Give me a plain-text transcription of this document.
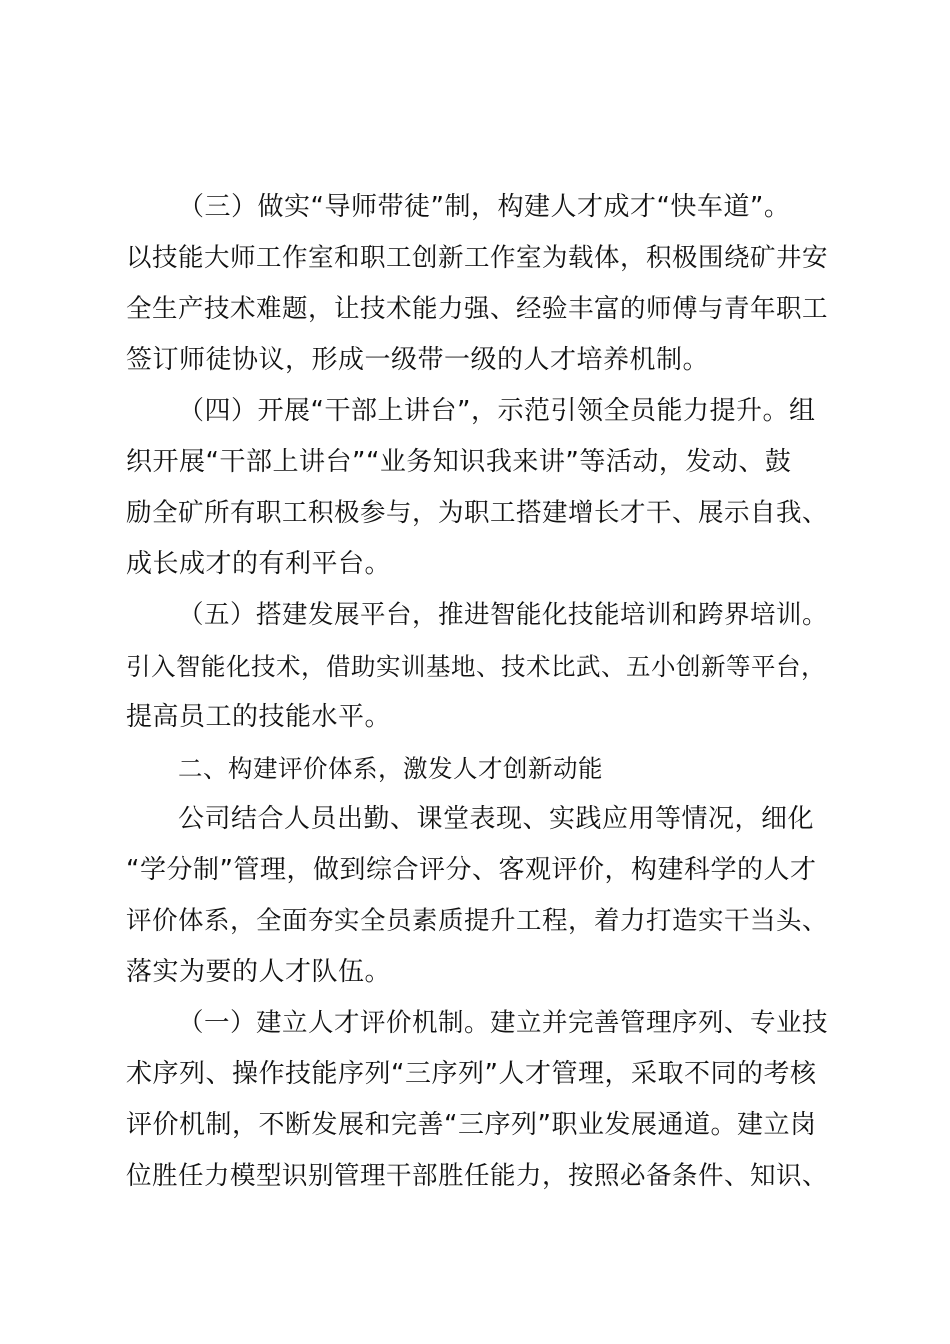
（三）做实“导师带徒”制，构建人才成才“快车道”。
以技能大师工作室和职工创新工作室为载体，积极围绕矿井安
全生产技术难题，让技术能力强、经验丰富的师傅与青年职工
签订师徒协议，形成一级带一级的人才培养机制。
（四）开展“干部上讲台”，示范引领全员能力提升。组
织开展“干部上讲台”“业务知识我来讲”等活动，发动、鼓
励全矿所有职工积极参与，为职工搭建增长才干、展示自我、
成长成才的有利平台。
（五）搭建发展平台，推进智能化技能培训和跨界培训。
引入智能化技术，借助实训基地、技术比武、五小创新等平台，
提高员工的技能水平。
二、构建评价体系，激发人才创新动能
公司结合人员出勤、课堂表现、实践应用等情况，细化
“学分制”管理，做到综合评分、客观评价，构建科学的人才
评价体系，全面夯实全员素质提升工程，着力打造实干当头、
落实为要的人才队伍。
（一）建立人才评价机制。建立并完善管理序列、专业技
术序列、操作技能序列“三序列”人才管理，采取不同的考核
评价机制，不断发展和完善“三序列”职业发展通道。建立岗
位胜任力模型识别管理干部胜任能力，按照必备条件、知识、
